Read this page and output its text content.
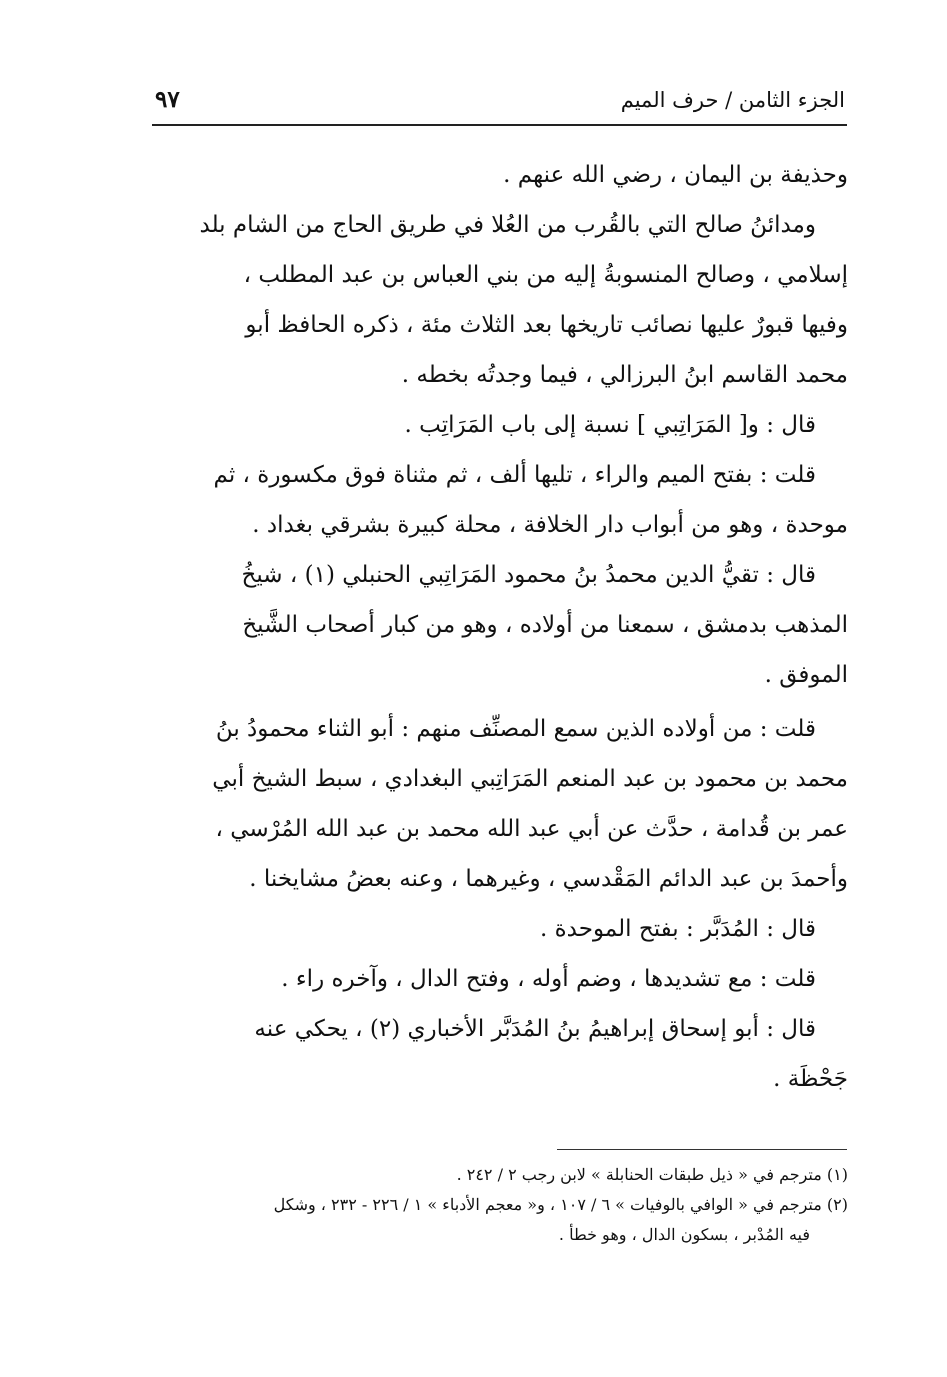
الجزء الثامن / حرف الميم
٩٧
وحذيفة بن اليمان ، رضي الله عنهم .
ومدائنُ صالح التي بالقُرب من العُلا في طريق الحاج من الشام بلد
إسلامي ، وصالح المنسوبةُ إليه من بني العباس بن عبد المطلب ،
وفيها قبورٌ عليها نصائب تاريخها بعد الثلاث مئة ، ذكره الحافظ أبو
محمد القاسم ابنُ البرزالي ، فيما وجدتُه بخطه .
قال : و[ المَرَاتِبي ] نسبة إلى باب المَرَاتِب .
قلت : بفتح الميم والراء ، تليها ألف ، ثم مثناة فوق مكسورة ، ثم
موحدة ، وهو من أبواب دار الخلافة ، محلة كبيرة بشرقي بغداد .
قال : تقيُّ الدين محمدُ بنُ محمود المَرَاتِبي الحنبلي (١) ، شيخُ
المذهب بدمشق ، سمعنا من أولاده ، وهو من كبار أصحاب الشَّيخ
الموفق .
قلت : من أولاده الذين سمع المصنِّف منهم : أبو الثناء محمودُ بنُ
محمد بن محمود بن عبد المنعم المَرَاتِبي البغدادي ، سبط الشيخ أبي
عمر بن قُدامة ، حدَّث عن أبي عبد الله محمد بن عبد الله المُرْسي ،
وأحمدَ بن عبد الدائم المَقْدسي ، وغيرهما ، وعنه بعضُ مشايخنا .
قال : المُدَبَّر : بفتح الموحدة .
قلت : مع تشديدها ، وضم أوله ، وفتح الدال ، وآخره راء .
قال : أبو إسحاق إبراهيمُ بنُ المُدَبَّر الأخباري (٢) ، يحكي عنه
جَحْظَة .
(١) مترجم في « ذيل طبقات الحنابلة » لابن رجب ٢ / ٢٤٢ .
(٢) مترجم في « الوافي بالوفيات » ٦ / ١٠٧ ، و« معجم الأدباء » ١ / ٢٢٦ - ٢٣٢ ، وشكل
فيه المُدْبر ، بسكون الدال ، وهو خطأ .
